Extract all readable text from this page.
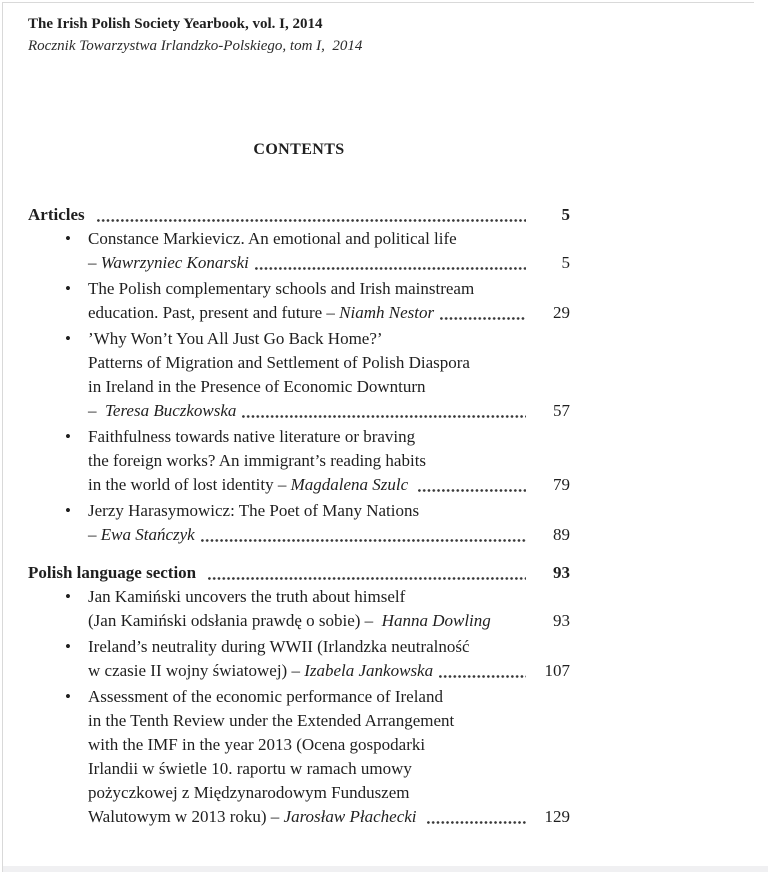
The Irish Polish Society Yearbook, vol. I, 2014
Rocznik Towarzystwa Irlandzko-Polskiego, tom I,  2014
CONTENTS
Articles	5
• Constance Markievicz. An emotional and political life
– Wawrzyniec Konarski	5
• The Polish complementary schools and Irish mainstream
education. Past, present and future – Niamh Nestor	29
• ’Why Won’t You All Just Go Back Home?’
Patterns of Migration and Settlement of Polish Diaspora
in Ireland in the Presence of Economic Downturn
–  Teresa Buczkowska	57
• Faithfulness towards native literature or braving
the foreign works? An immigrant’s reading habits
in the world of lost identity – Magdalena Szulc	79
• Jerzy Harasymowicz: The Poet of Many Nations
– Ewa Stańczyk	89
Polish language section	93
• Jan Kamiński uncovers the truth about himself
(Jan Kamiński odsłania prawdę o sobie) –  Hanna Dowling	93
• Ireland’s neutrality during WWII (Irlandzka neutralność
w czasie II wojny światowej) – Izabela Jankowska	107
• Assessment of the economic performance of Ireland
in the Tenth Review under the Extended Arrangement
with the IMF in the year 2013 (Ocena gospodarki
Irlandii w świetle 10. raportu w ramach umowy
pożyczkowej z Międzynarodowym Funduszem
Walutowym w 2013 roku) – Jarosław Płachecki	129
